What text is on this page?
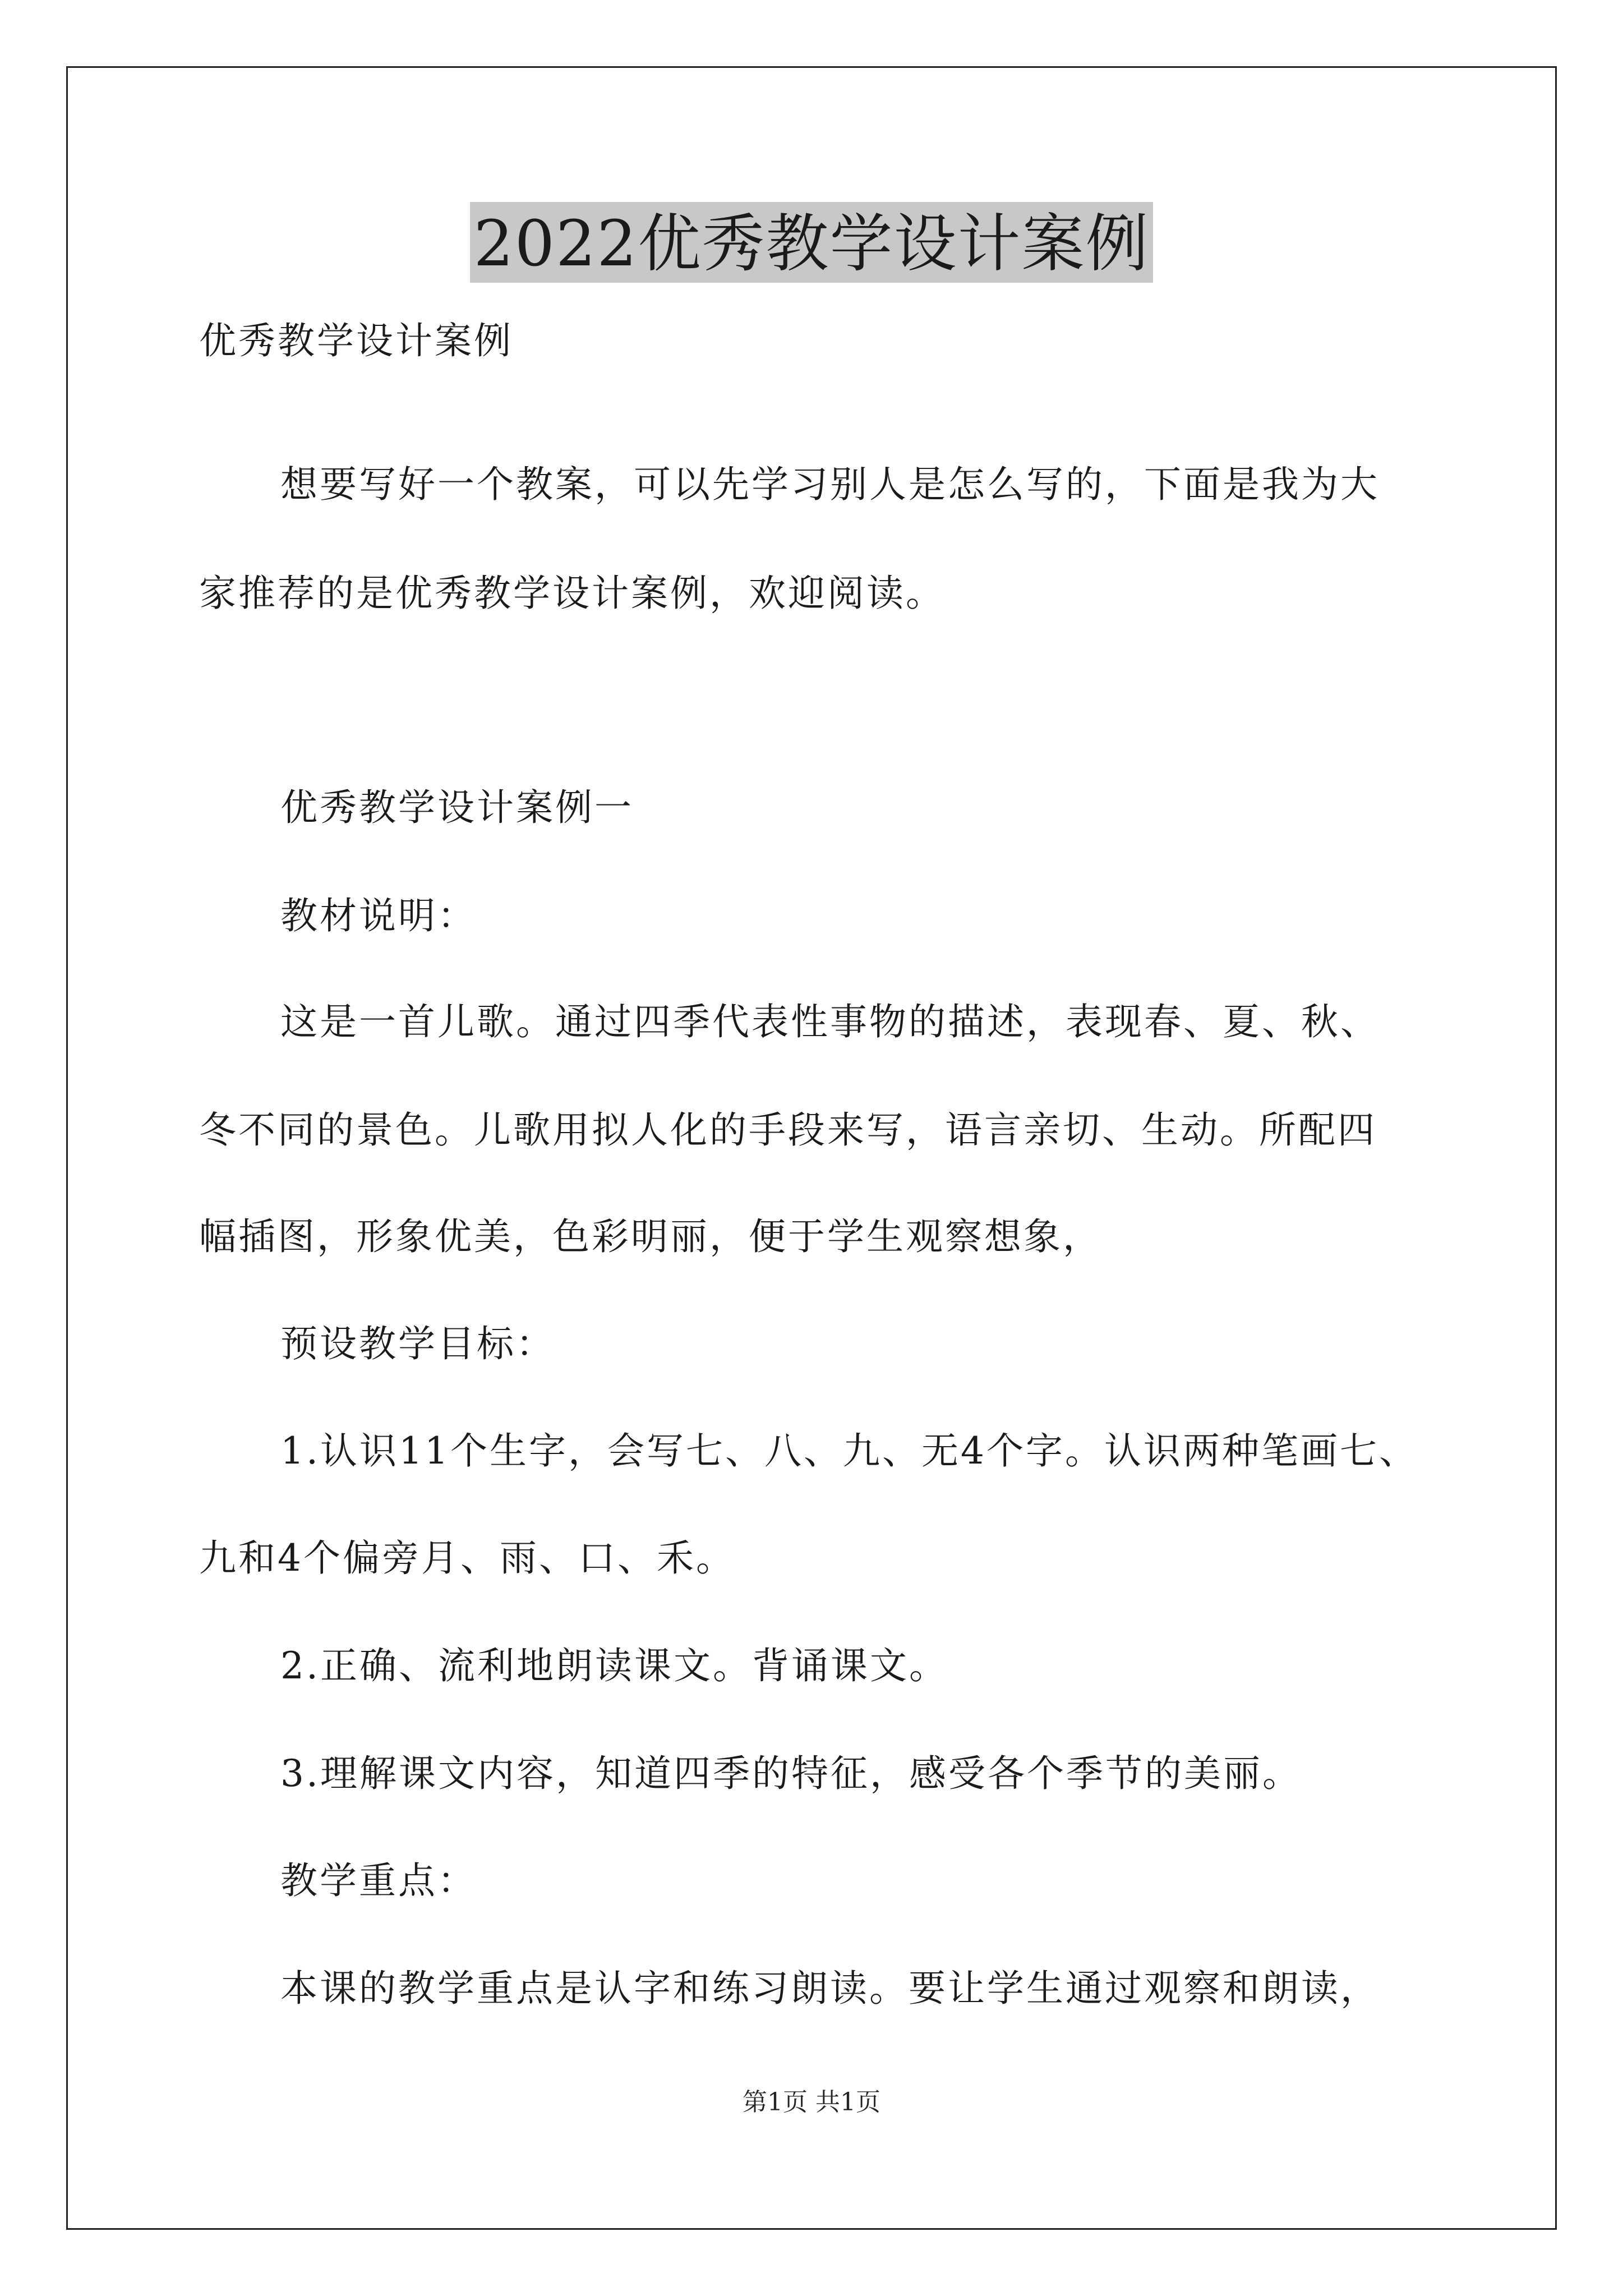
2022优秀教学设计案例
优秀教学设计案例
想要写好一个教案，可以先学习别人是怎么写的，下面是我为大
家推荐的是优秀教学设计案例，欢迎阅读。
优秀教学设计案例一
教材说明：
这是一首儿歌。通过四季代表性事物的描述，表现春、夏、秋、
冬不同的景色。儿歌用拟人化的手段来写，语言亲切、生动。所配四
幅插图，形象优美，色彩明丽，便于学生观察想象，
预设教学目标：
1.认识11个生字，会写七、八、九、无4个字。认识两种笔画七、
九和4个偏旁月、雨、口、禾。
2.正确、流利地朗读课文。背诵课文。
3.理解课文内容，知道四季的特征，感受各个季节的美丽。
教学重点：
本课的教学重点是认字和练习朗读。要让学生通过观察和朗读，
第1页 共1页
